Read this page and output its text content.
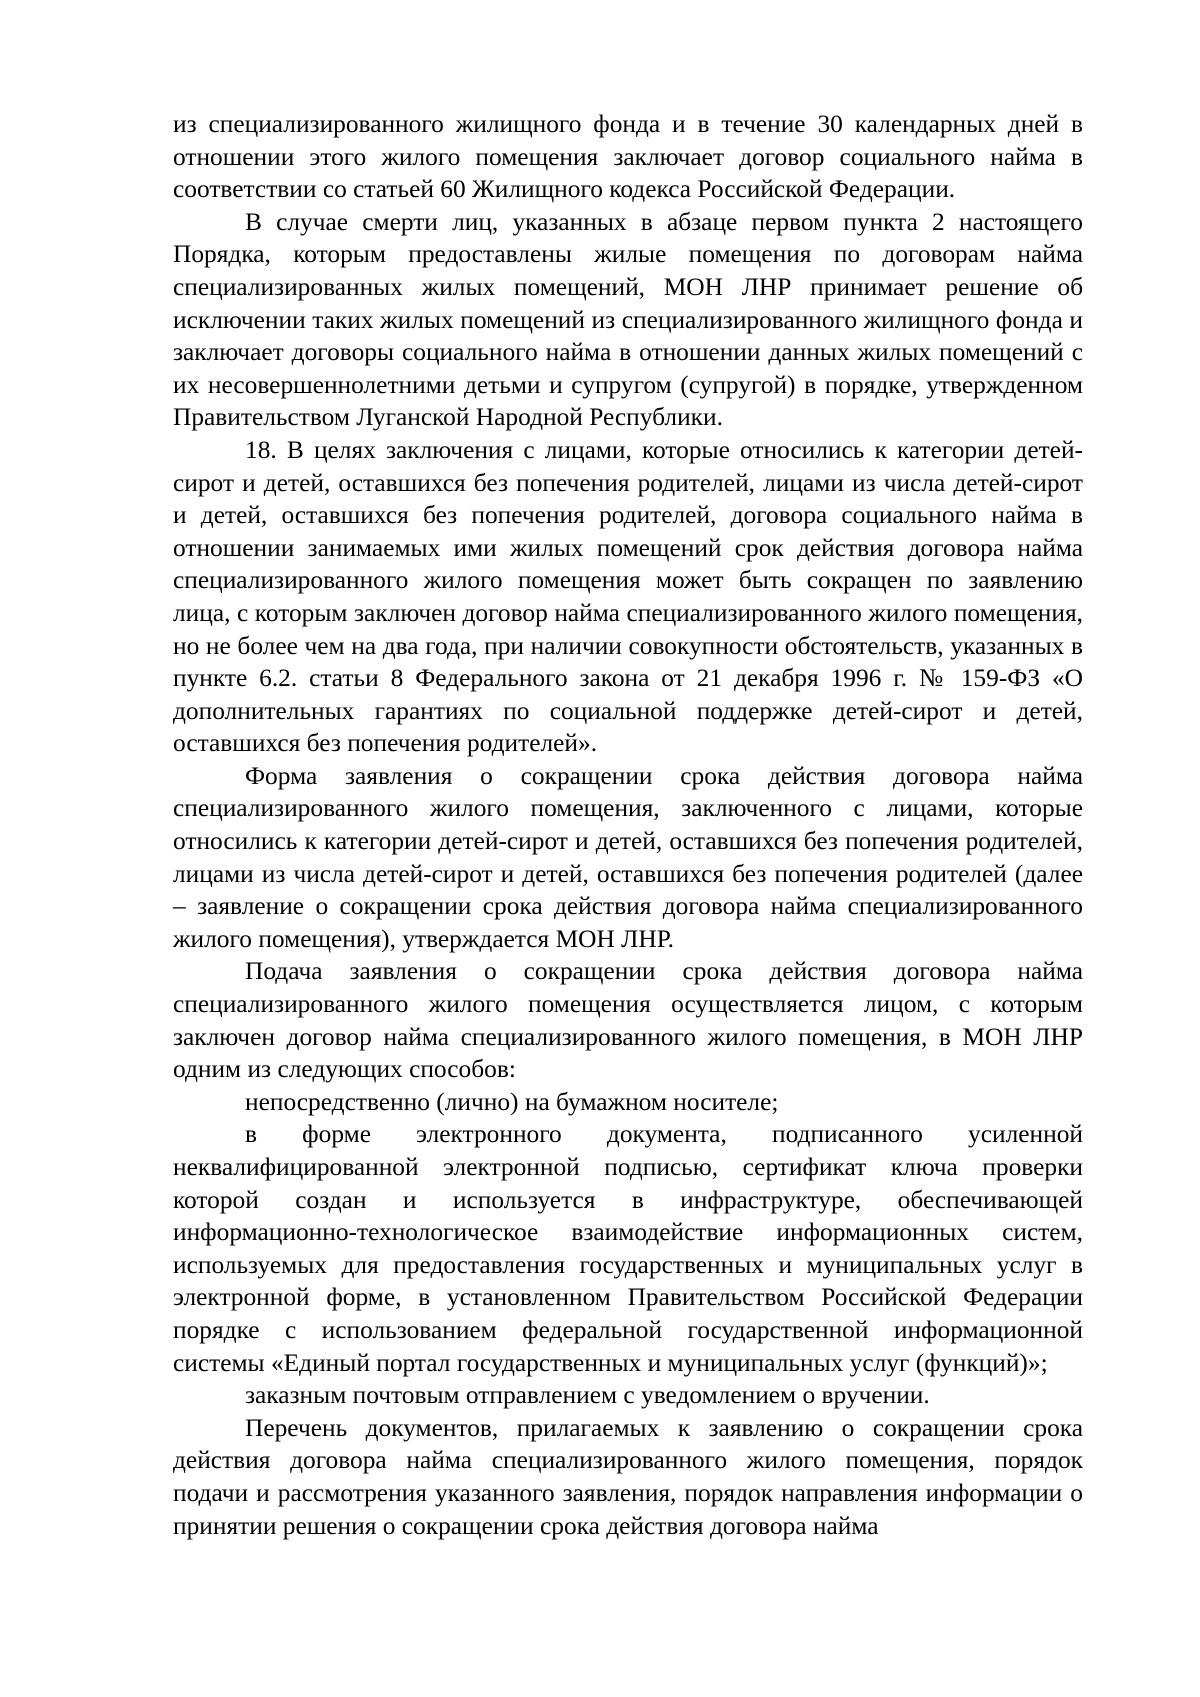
из специализированного жилищного фонда и в течение 30 календарных дней в отношении этого жилого помещения заключает договор социального найма в соответствии со статьей 60 Жилищного кодекса Российской Федерации.

В случае смерти лиц, указанных в абзаце первом пункта 2 настоящего Порядка, которым предоставлены жилые помещения по договорам найма специализированных жилых помещений, МОН ЛНР принимает решение об исключении таких жилых помещений из специализированного жилищного фонда и заключает договоры социального найма в отношении данных жилых помещений с их несовершеннолетними детьми и супругом (супругой) в порядке, утвержденном Правительством Луганской Народной Республики.

18. В целях заключения с лицами, которые относились к категории детей-сирот и детей, оставшихся без попечения родителей, лицами из числа детей-сирот и детей, оставшихся без попечения родителей, договора социального найма в отношении занимаемых ими жилых помещений срок действия договора найма специализированного жилого помещения может быть сокращен по заявлению лица, с которым заключен договор найма специализированного жилого помещения, но не более чем на два года, при наличии совокупности обстоятельств, указанных в пункте 6.2. статьи 8 Федерального закона от 21 декабря 1996 г. № 159-ФЗ «О дополнительных гарантиях по социальной поддержке детей-сирот и детей, оставшихся без попечения родителей».

Форма заявления о сокращении срока действия договора найма специализированного жилого помещения, заключенного с лицами, которые относились к категории детей-сирот и детей, оставшихся без попечения родителей, лицами из числа детей-сирот и детей, оставшихся без попечения родителей (далее – заявление о сокращении срока действия договора найма специализированного жилого помещения), утверждается МОН ЛНР.

Подача заявления о сокращении срока действия договора найма специализированного жилого помещения осуществляется лицом, с которым заключен договор найма специализированного жилого помещения, в МОН ЛНР одним из следующих способов:

непосредственно (лично) на бумажном носителе;

в форме электронного документа, подписанного усиленной неквалифицированной электронной подписью, сертификат ключа проверки которой создан и используется в инфраструктуре, обеспечивающей информационно-технологическое взаимодействие информационных систем, используемых для предоставления государственных и муниципальных услуг в электронной форме, в установленном Правительством Российской Федерации порядке с использованием федеральной государственной информационной системы «Единый портал государственных и муниципальных услуг (функций)»;

заказным почтовым отправлением с уведомлением о вручении.

Перечень документов, прилагаемых к заявлению о сокращении срока действия договора найма специализированного жилого помещения, порядок подачи и рассмотрения указанного заявления, порядок направления информации о принятии решения о сокращении срока действия договора найма
